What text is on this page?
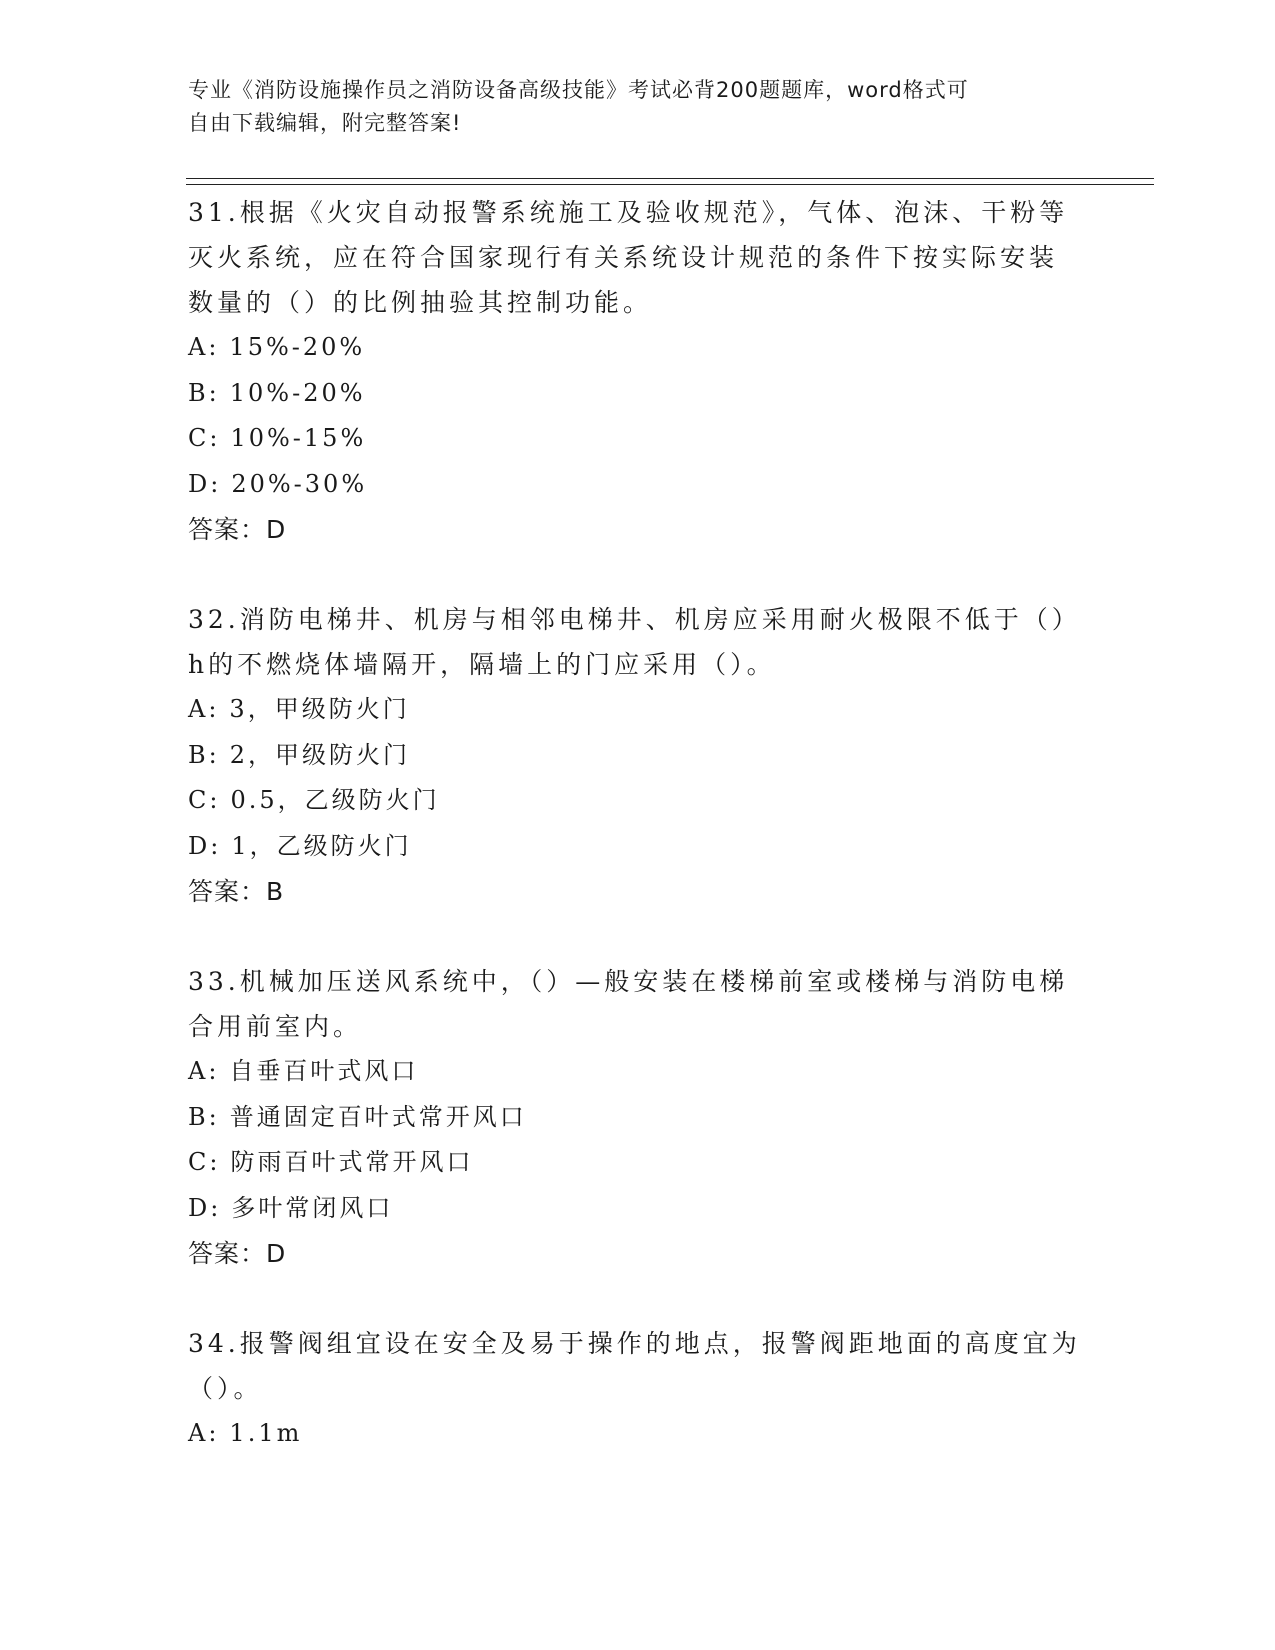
专业《消防设施操作员之消防设备高级技能》考试必背200题题库，word格式可
自由下载编辑，附完整答案!

31.根据《火灾自动报警系统施工及验收规范》，气体、泡沫、干粉等

灭火系统，应在符合国家现行有关系统设计规范的条件下按实际安装

数量的（）的比例抽验其控制功能。

A: 15%-20%

B: 10%-20%

C: 10%-15%

D: 20%-30%

答案：D

32.消防电梯井、机房与相邻电梯井、机房应采用耐火极限不低于（）

h的不燃烧体墙隔开，隔墙上的门应采用（）。

A: 3，甲级防火门

B: 2，甲级防火门

C: 0.5，乙级防火门

D: 1，乙级防火门

答案：B

33.机械加压送风系统中，（）—般安装在楼梯前室或楼梯与消防电梯

合用前室内。

A: 自垂百叶式风口

B: 普通固定百叶式常开风口

C: 防雨百叶式常开风口

D: 多叶常闭风口

答案：D

34.报警阀组宜设在安全及易于操作的地点，报警阀距地面的高度宜为

（）。

A: 1.1m
